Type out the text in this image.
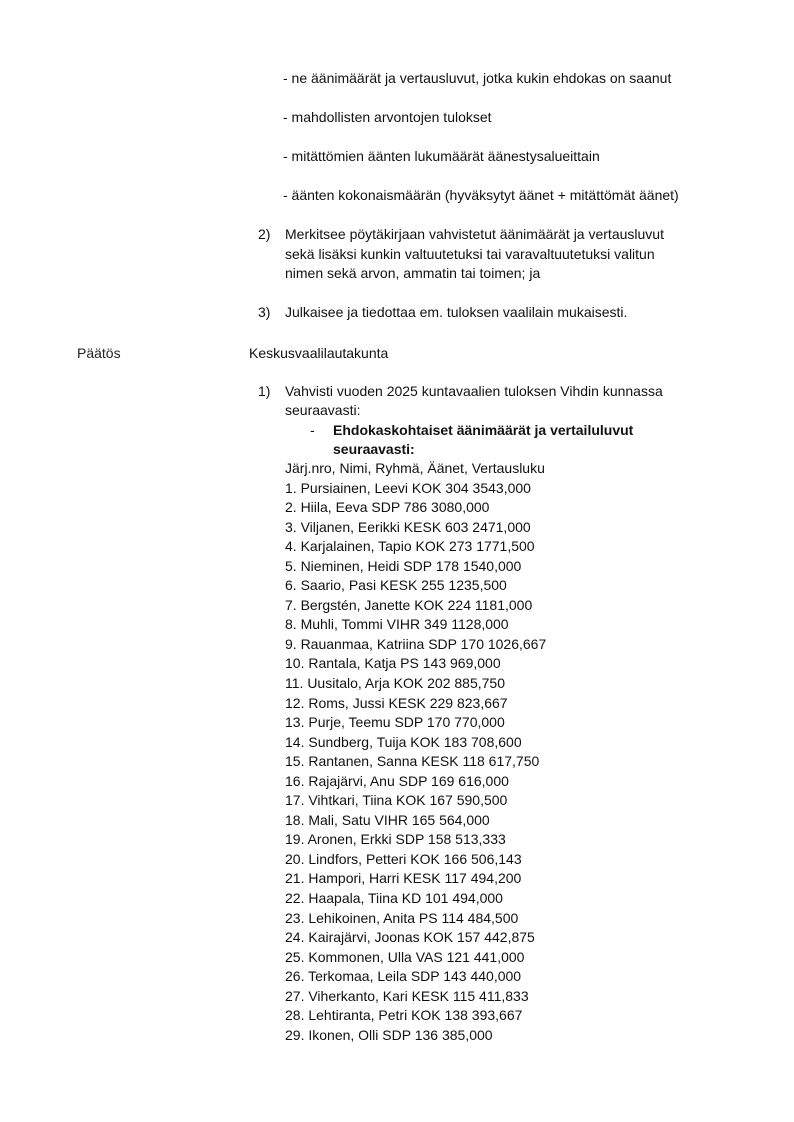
- ne äänimäärät ja vertausluvut, jotka kukin ehdokas on saanut
- mahdollisten arvontojen tulokset
- mitättömien äänten lukumäärät äänestysalueittain
- äänten kokonaismäärän (hyväksytyt äänet + mitättömät äänet)
2) Merkitsee pöytäkirjaan vahvistetut äänimäärät ja vertausluvut
sekä lisäksi kunkin valtuutetuksi tai varavaltuutetuksi valitun
nimen sekä arvon, ammatin tai toimen; ja
3) Julkaisee ja tiedottaa em. tuloksen vaalilain mukaisesti.
Päätös	Keskusvaalilautakunta
1) Vahvisti vuoden 2025 kuntavaalien tuloksen Vihdin kunnassa
seuraavasti:
- Ehdokaskohtaiset äänimäärät ja vertailuluvut
seuraavasti:
Järj.nro, Nimi, Ryhmä, Äänet, Vertausluku
1. Pursiainen, Leevi KOK 304 3543,000
2. Hiila, Eeva SDP 786 3080,000
3. Viljanen, Eerikki KESK 603 2471,000
4. Karjalainen, Tapio KOK 273 1771,500
5. Nieminen, Heidi SDP 178 1540,000
6. Saario, Pasi KESK 255 1235,500
7. Bergstén, Janette KOK 224 1181,000
8. Muhli, Tommi VIHR 349 1128,000
9. Rauanmaa, Katriina SDP 170 1026,667
10. Rantala, Katja PS 143 969,000
11. Uusitalo, Arja KOK 202 885,750
12. Roms, Jussi KESK 229 823,667
13. Purje, Teemu SDP 170 770,000
14. Sundberg, Tuija KOK 183 708,600
15. Rantanen, Sanna KESK 118 617,750
16. Rajajärvi, Anu SDP 169 616,000
17. Vihtkari, Tiina KOK 167 590,500
18. Mali, Satu VIHR 165 564,000
19. Aronen, Erkki SDP 158 513,333
20. Lindfors, Petteri KOK 166 506,143
21. Hampori, Harri KESK 117 494,200
22. Haapala, Tiina KD 101 494,000
23. Lehikoinen, Anita PS 114 484,500
24. Kairajärvi, Joonas KOK 157 442,875
25. Kommonen, Ulla VAS 121 441,000
26. Terkomaa, Leila SDP 143 440,000
27. Viherkanto, Kari KESK 115 411,833
28. Lehtiranta, Petri KOK 138 393,667
29. Ikonen, Olli SDP 136 385,000
